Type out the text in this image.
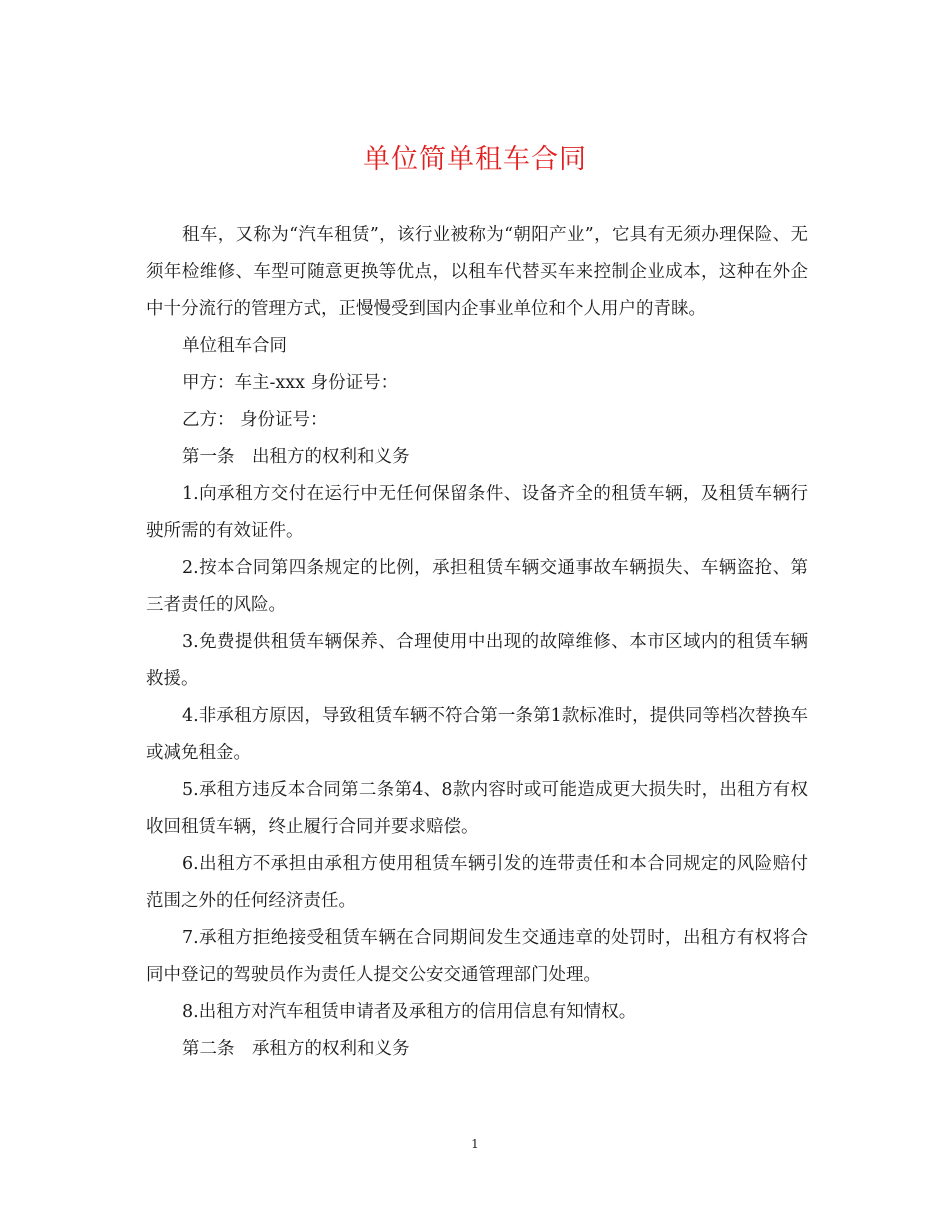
单位简单租车合同

租车，又称为“汽车租赁”，该行业被称为“朝阳产业”，它具有无须办理保险、无须年检维修、车型可随意更换等优点，以租车代替买车来控制企业成本，这种在外企中十分流行的管理方式，正慢慢受到国内企事业单位和个人用户的青睐。

单位租车合同

甲方：车主-xxx 身份证号：

乙方： 身份证号：

第一条　出租方的权利和义务

1.向承租方交付在运行中无任何保留条件、设备齐全的租赁车辆，及租赁车辆行驶所需的有效证件。

2.按本合同第四条规定的比例，承担租赁车辆交通事故车辆损失、车辆盗抢、第三者责任的风险。

3.免费提供租赁车辆保养、合理使用中出现的故障维修、本市区域内的租赁车辆救援。

4.非承租方原因，导致租赁车辆不符合第一条第1款标准时，提供同等档次替换车或减免租金。

5.承租方违反本合同第二条第4、8款内容时或可能造成更大损失时，出租方有权收回租赁车辆，终止履行合同并要求赔偿。

6.出租方不承担由承租方使用租赁车辆引发的连带责任和本合同规定的风险赔付范围之外的任何经济责任。

7.承租方拒绝接受租赁车辆在合同期间发生交通违章的处罚时，出租方有权将合同中登记的驾驶员作为责任人提交公安交通管理部门处理。

8.出租方对汽车租赁申请者及承租方的信用信息有知情权。

第二条　承租方的权利和义务

1
